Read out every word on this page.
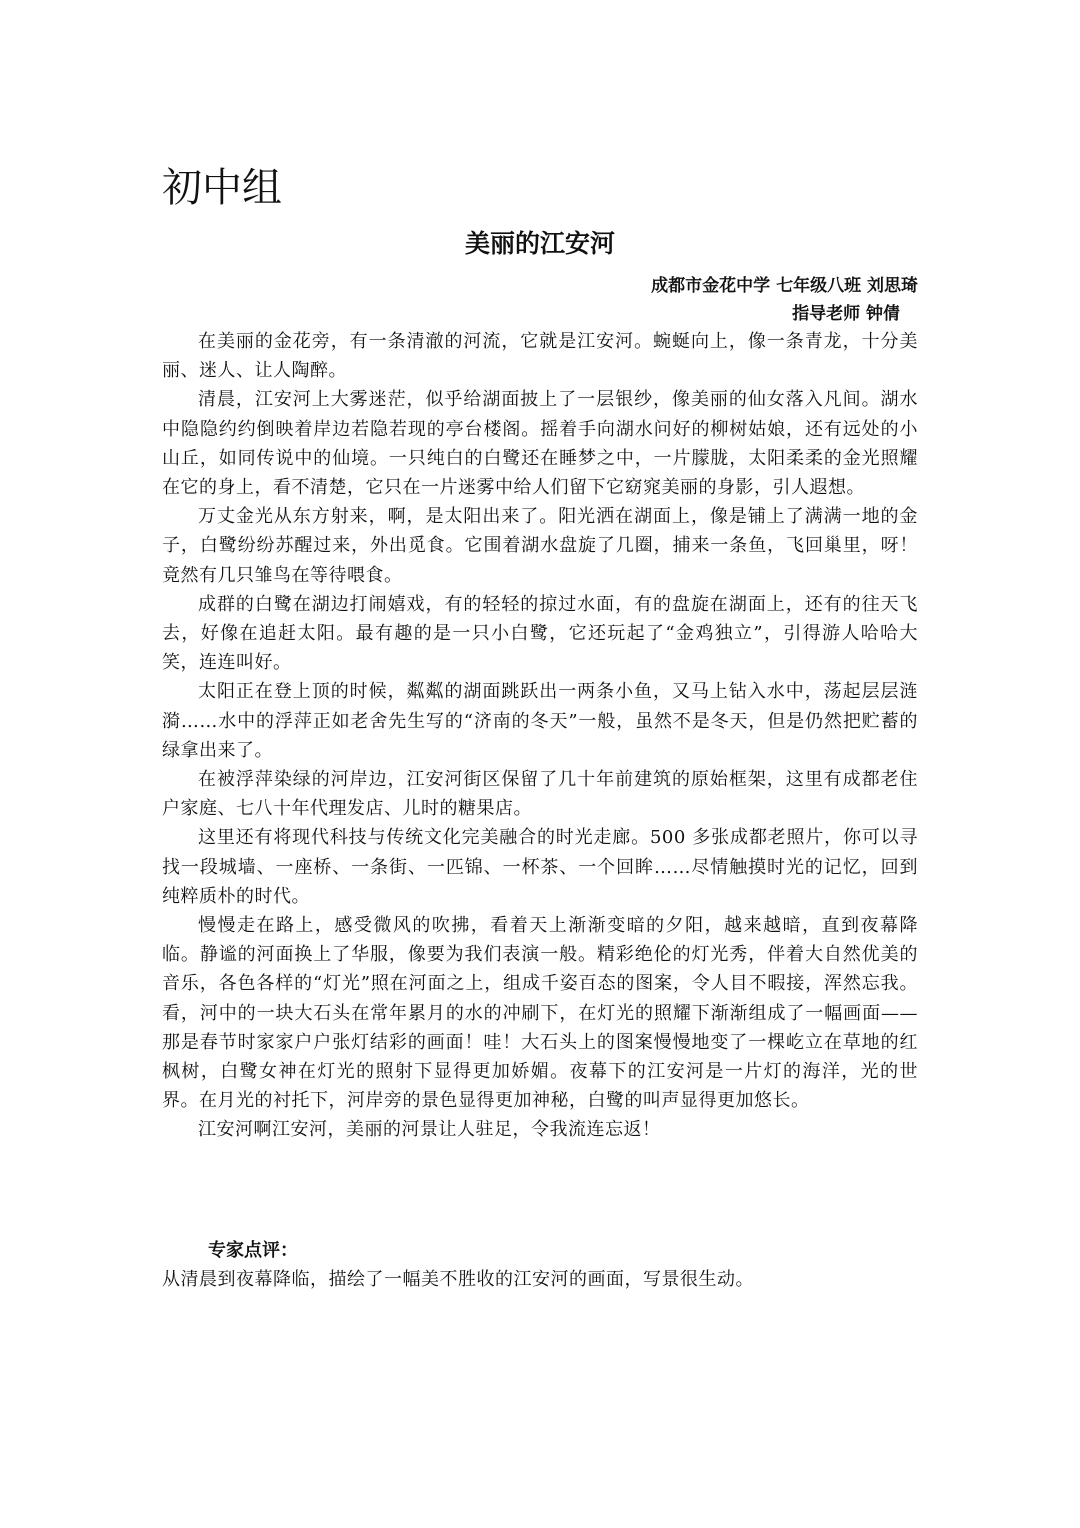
初中组
美丽的江安河

成都市金花中学 七年级八班 刘思琦

指导老师 钟倩

在美丽的金花旁，有一条清澈的河流，它就是江安河。蜿蜒向上，像一条青龙，十分美丽、迷人、让人陶醉。

清晨，江安河上大雾迷茫，似乎给湖面披上了一层银纱，像美丽的仙女落入凡间。湖水中隐隐约约倒映着岸边若隐若现的亭台楼阁。摇着手向湖水问好的柳树姑娘，还有远处的小山丘，如同传说中的仙境。一只纯白的白鹭还在睡梦之中，一片朦胧，太阳柔柔的金光照耀在它的身上，看不清楚，它只在一片迷雾中给人们留下它窈窕美丽的身影，引人遐想。

万丈金光从东方射来，啊，是太阳出来了。阳光洒在湖面上，像是铺上了满满一地的金子，白鹭纷纷苏醒过来，外出觅食。它围着湖水盘旋了几圈，捕来一条鱼，飞回巢里，呀！竟然有几只雏鸟在等待喂食。

成群的白鹭在湖边打闹嬉戏，有的轻轻的掠过水面，有的盘旋在湖面上，还有的往天飞去，好像在追赶太阳。最有趣的是一只小白鹭，它还玩起了“金鸡独立”，引得游人哈哈大笑，连连叫好。

太阳正在登上顶的时候，粼粼的湖面跳跃出一两条小鱼，又马上钻入水中，荡起层层涟漪……水中的浮萍正如老舍先生写的“济南的冬天”一般，虽然不是冬天，但是仍然把贮蓄的绿拿出来了。

在被浮萍染绿的河岸边，江安河街区保留了几十年前建筑的原始框架，这里有成都老住户家庭、七八十年代理发店、儿时的糖果店。

这里还有将现代科技与传统文化完美融合的时光走廊。500 多张成都老照片，你可以寻找一段城墙、一座桥、一条街、一匹锦、一杯茶、一个回眸……尽情触摸时光的记忆，回到纯粹质朴的时代。

慢慢走在路上，感受微风的吹拂，看着天上渐渐变暗的夕阳，越来越暗，直到夜幕降临。静谧的河面换上了华服，像要为我们表演一般。精彩绝伦的灯光秀，伴着大自然优美的音乐，各色各样的“灯光”照在河面之上，组成千姿百态的图案，令人目不暇接，浑然忘我。看，河中的一块大石头在常年累月的水的冲刷下，在灯光的照耀下渐渐组成了一幅画面——那是春节时家家户户张灯结彩的画面！哇！大石头上的图案慢慢地变了一棵屹立在草地的红枫树，白鹭女神在灯光的照射下显得更加娇媚。夜幕下的江安河是一片灯的海洋，光的世界。在月光的衬托下，河岸旁的景色显得更加神秘，白鹭的叫声显得更加悠长。

江安河啊江安河，美丽的河景让人驻足，令我流连忘返！

专家点评：

从清晨到夜幕降临，描绘了一幅美不胜收的江安河的画面，写景很生动。
